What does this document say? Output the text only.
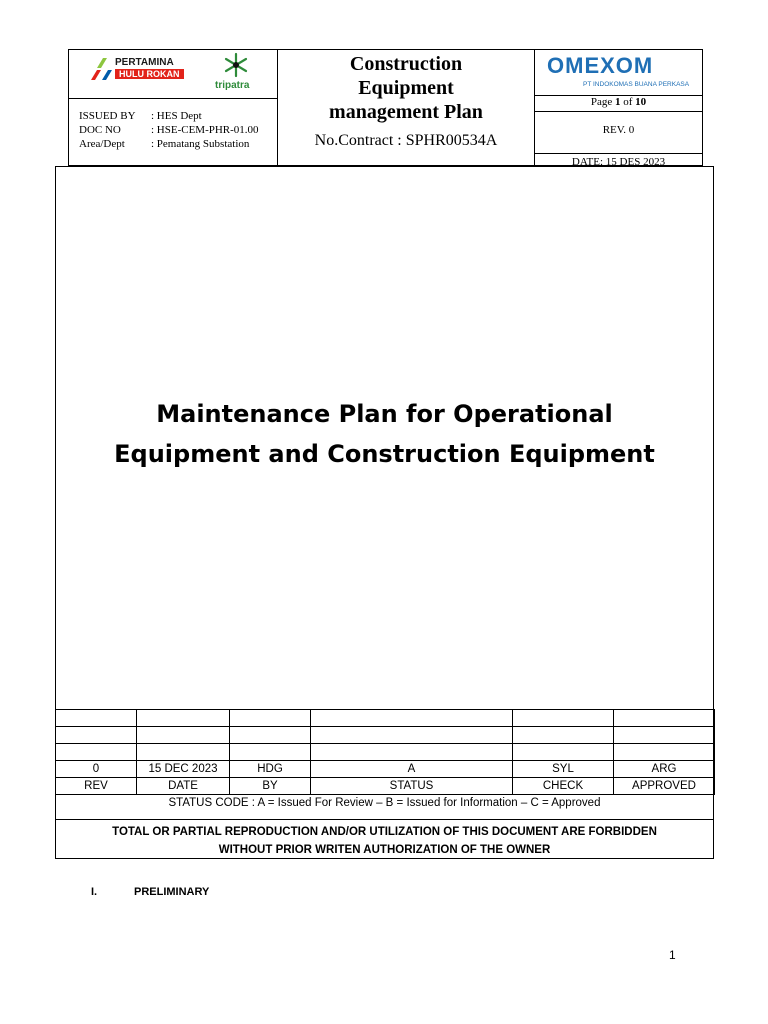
PERTAMINA
HULU ROKAN
tripatra
ISSUED BY : HES Dept
DOC NO	: HSE-CEM-PHR-01.00
Area/Dept : Pematang Substation
Construction
Equipment
management Plan
No.Contract : SPHR00534A
OMEXOM
PT INDOKOMAS BUANA PERKASA
Page 1 of 10
REV. 0
DATE: 15 DES 2023
Maintenance Plan for Operational
Equipment and Construction Equipment

0	15 DEC 2023	HDG	A	SYL	ARG
REV	DATE	BY	STATUS	CHECK	APPROVED
STATUS CODE : A = Issued For Review – B = Issued for Information – C = Approved
TOTAL OR PARTIAL REPRODUCTION AND/OR UTILIZATION OF THIS DOCUMENT ARE FORBIDDEN
WITHOUT PRIOR WRITEN AUTHORIZATION OF THE OWNER
I.	PRELIMINARY
1
